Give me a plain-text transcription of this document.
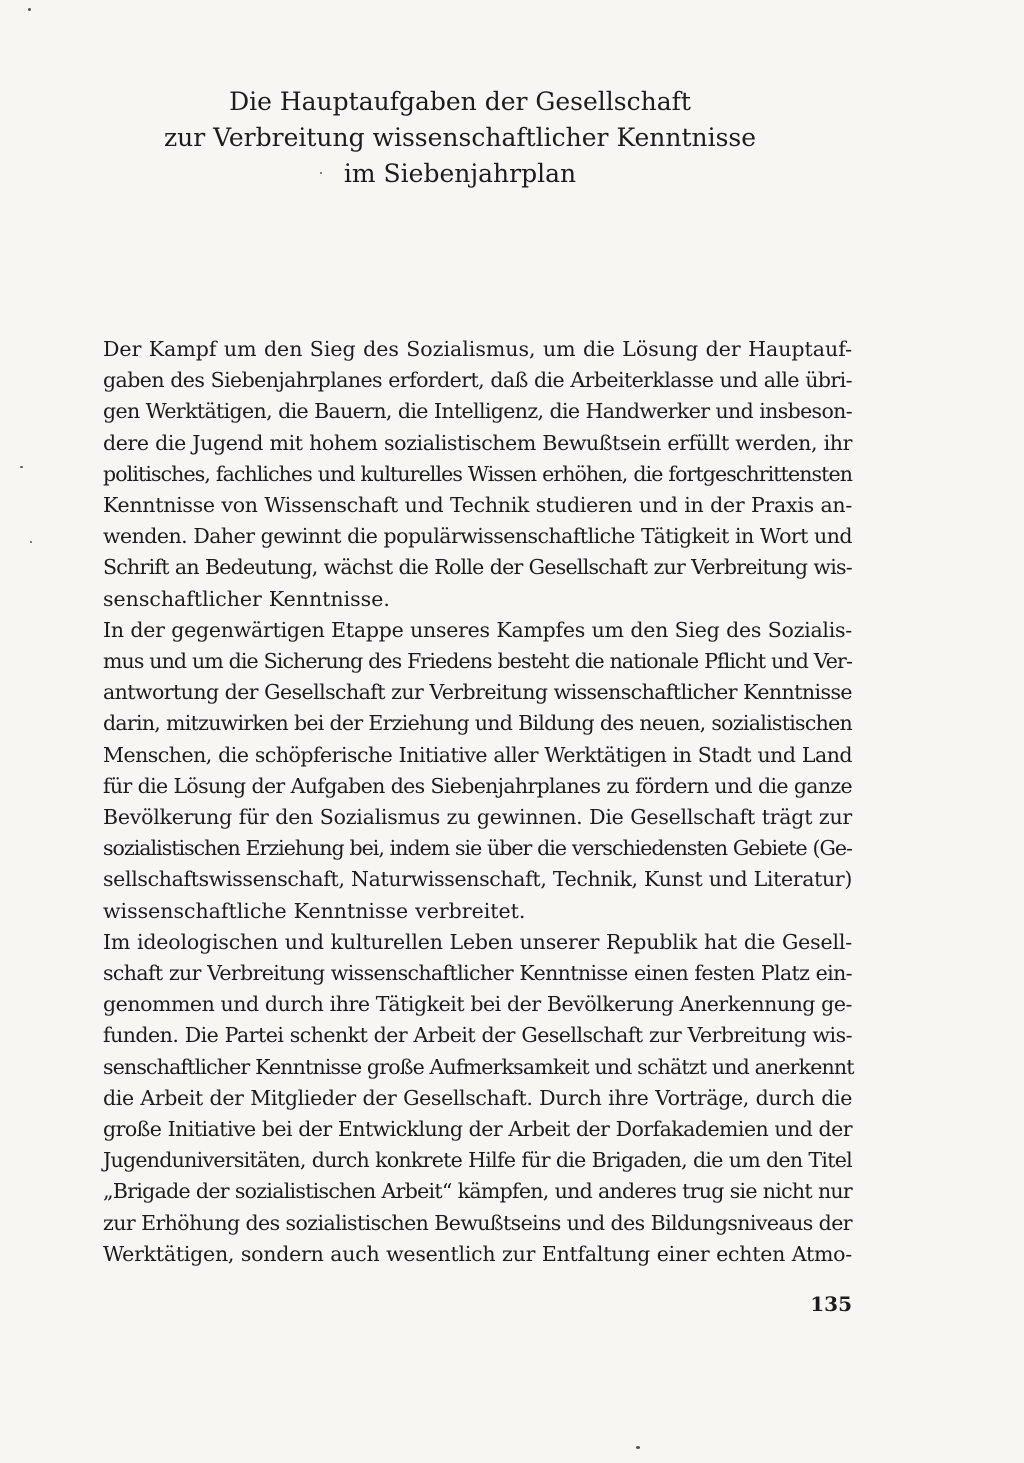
Die Hauptaufgaben der Gesellschaft
zur Verbreitung wissenschaftlicher Kenntnisse
im Siebenjahrplan
Der Kampf um den Sieg des Sozialismus, um die Lösung der Hauptauf-
gaben des Siebenjahrplanes erfordert, daß die Arbeiterklasse und alle übri-
gen Werktätigen, die Bauern, die Intelligenz, die Handwerker und insbeson-
dere die Jugend mit hohem sozialistischem Bewußtsein erfüllt werden, ihr
politisches, fachliches und kulturelles Wissen erhöhen, die fortgeschrittensten
Kenntnisse von Wissenschaft und Technik studieren und in der Praxis an-
wenden. Daher gewinnt die populärwissenschaftliche Tätigkeit in Wort und
Schrift an Bedeutung, wächst die Rolle der Gesellschaft zur Verbreitung wis-
senschaftlicher Kenntnisse.
In der gegenwärtigen Etappe unseres Kampfes um den Sieg des Sozialis-
mus und um die Sicherung des Friedens besteht die nationale Pflicht und Ver-
antwortung der Gesellschaft zur Verbreitung wissenschaftlicher Kenntnisse
darin, mitzuwirken bei der Erziehung und Bildung des neuen, sozialistischen
Menschen, die schöpferische Initiative aller Werktätigen in Stadt und Land
für die Lösung der Aufgaben des Siebenjahrplanes zu fördern und die ganze
Bevölkerung für den Sozialismus zu gewinnen. Die Gesellschaft trägt zur
sozialistischen Erziehung bei, indem sie über die verschiedensten Gebiete (Ge-
sellschaftswissenschaft, Naturwissenschaft, Technik, Kunst und Literatur)
wissenschaftliche Kenntnisse verbreitet.
Im ideologischen und kulturellen Leben unserer Republik hat die Gesell-
schaft zur Verbreitung wissenschaftlicher Kenntnisse einen festen Platz ein-
genommen und durch ihre Tätigkeit bei der Bevölkerung Anerkennung ge-
funden. Die Partei schenkt der Arbeit der Gesellschaft zur Verbreitung wis-
senschaftlicher Kenntnisse große Aufmerksamkeit und schätzt und anerkennt
die Arbeit der Mitglieder der Gesellschaft. Durch ihre Vorträge, durch die
große Initiative bei der Entwicklung der Arbeit der Dorfakademien und der
Jugenduniversitäten, durch konkrete Hilfe für die Brigaden, die um den Titel
„Brigade der sozialistischen Arbeit“ kämpfen, und anderes trug sie nicht nur
zur Erhöhung des sozialistischen Bewußtseins und des Bildungsniveaus der
Werktätigen, sondern auch wesentlich zur Entfaltung einer echten Atmo-
135
